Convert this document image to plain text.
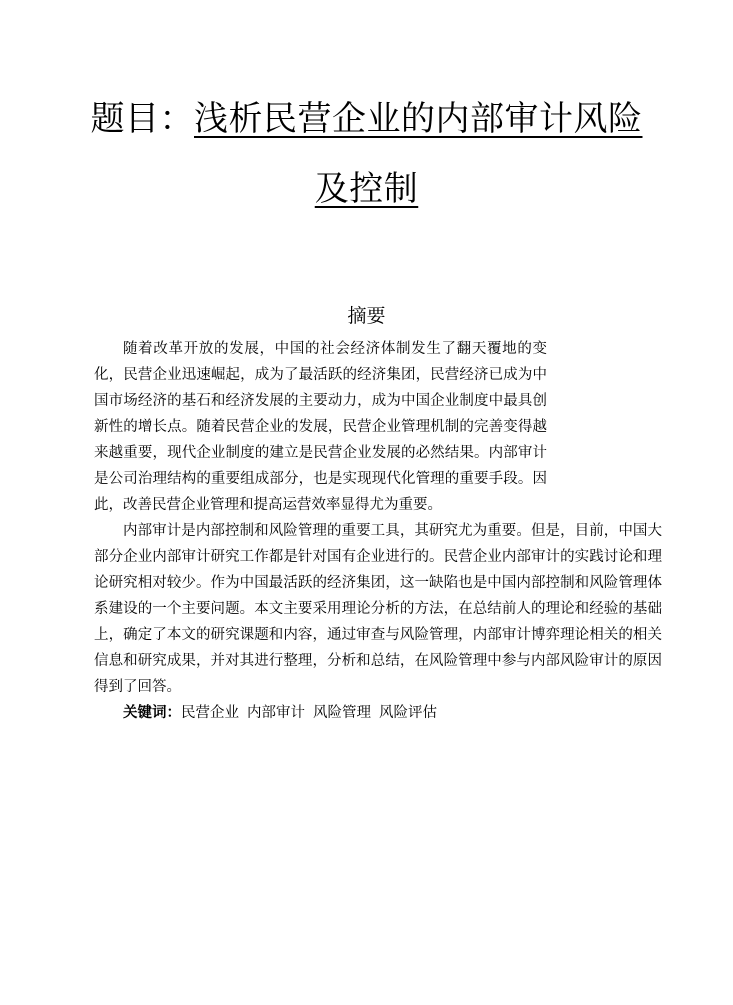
题目：浅析民营企业的内部审计风险
及控制
摘要

随着改革开放的发展，中国的社会经济体制发生了翻天覆地的变化，民营企业迅速崛起，成为了最活跃的经济集团，民营经济已成为中国市场经济的基石和经济发展的主要动力，成为中国企业制度中最具创新性的增长点。随着民营企业的发展，民营企业管理机制的完善变得越来越重要，现代企业制度的建立是民营企业发展的必然结果。内部审计是公司治理结构的重要组成部分，也是实现现代化管理的重要手段。因此，改善民营企业管理和提高运营效率显得尤为重要。

内部审计是内部控制和风险管理的重要工具，其研究尤为重要。但是，目前，中国大部分企业内部审计研究工作都是针对国有企业进行的。民营企业内部审计的实践讨论和理论研究相对较少。作为中国最活跃的经济集团，这一缺陷也是中国内部控制和风险管理体系建设的一个主要问题。本文主要采用理论分析的方法，在总结前人的理论和经验的基础上，确定了本文的研究课题和内容，通过审查与风险管理，内部审计博弈理论相关的相关信息和研究成果，并对其进行整理，分析和总结，在风险管理中参与内部风险审计的原因得到了回答。

关键词：民营企业 内部审计 风险管理 风险评估
